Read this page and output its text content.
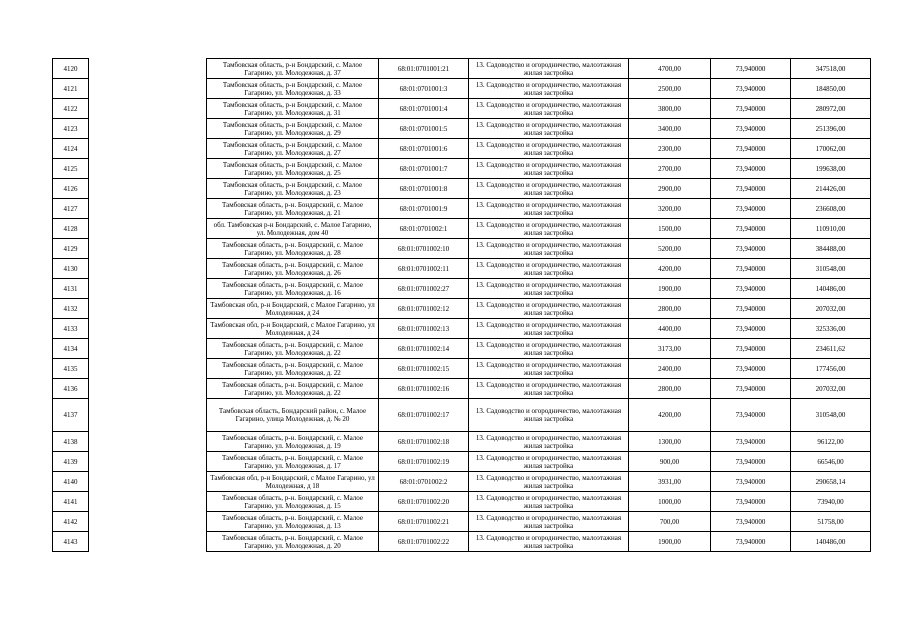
4120		Тамбовская область, р-н Бондарский, с. Малое Гагарино, ул. Молодежная, д. 37	68:01:0701001:21	13. Садоводство и огородничество, малоэтажная жилая застройка	4700,00	73,940000	347518,00
4121		Тамбовская область, р-н Бондарский, с. Малое Гагарино, ул. Молодежная, д. 33	68:01:0701001:3	13. Садоводство и огородничество, малоэтажная жилая застройка	2500,00	73,940000	184850,00
4122		Тамбовская область, р-н Бондарский, с. Малое Гагарино, ул. Молодежная, д. 31	68:01:0701001:4	13. Садоводство и огородничество, малоэтажная жилая застройка	3800,00	73,940000	280972,00
4123		Тамбовская область, р-н Бондарский, с. Малое Гагарино, ул. Молодежная, д. 29	68:01:0701001:5	13. Садоводство и огородничество, малоэтажная жилая застройка	3400,00	73,940000	251396,00
4124		Тамбовская область, р-н Бондарский, с. Малое Гагарино, ул. Молодежная, д. 27	68:01:0701001:6	13. Садоводство и огородничество, малоэтажная жилая застройка	2300,00	73,940000	170062,00
4125		Тамбовская область, р-н Бондарский, с. Малое Гагарино, ул. Молодежная, д. 25	68:01:0701001:7	13. Садоводство и огородничество, малоэтажная жилая застройка	2700,00	73,940000	199638,00
4126		Тамбовская область, р-н Бондарский, с. Малое Гагарино, ул. Молодежная, д. 23	68:01:0701001:8	13. Садоводство и огородничество, малоэтажная жилая застройка	2900,00	73,940000	214426,00
4127		Тамбовская область, р-н. Бондарский, с. Малое Гагарино, ул. Молодежная, д. 21	68:01:0701001:9	13. Садоводство и огородничество, малоэтажная жилая застройка	3200,00	73,940000	236608,00
4128		обл. Тамбовская р-н Бондарский, с. Малое Гагарино, ул. Молодежная, дом 40	68:01:0701002:1	13. Садоводство и огородничество, малоэтажная жилая застройка	1500,00	73,940000	110910,00
4129		Тамбовская область, р-н. Бондарский, с. Малое Гагарино, ул. Молодежная, д. 28	68:01:0701002:10	13. Садоводство и огородничество, малоэтажная жилая застройка	5200,00	73,940000	384488,00
4130		Тамбовская область, р-н. Бондарский, с. Малое Гагарино, ул. Молодежная, д. 26	68:01:0701002:11	13. Садоводство и огородничество, малоэтажная жилая застройка	4200,00	73,940000	310548,00
4131		Тамбовская область, р-н. Бондарский, с. Малое Гагарино, ул. Молодежная, д. 16	68:01:0701002:27	13. Садоводство и огородничество, малоэтажная жилая застройка	1900,00	73,940000	140486,00
4132		Тамбовская обл, р-н Бондарский, с Малое Гагарино, ул Молодежная, д 24	68:01:0701002:12	13. Садоводство и огородничество, малоэтажная жилая застройка	2800,00	73,940000	207032,00
4133		Тамбовская обл, р-н Бондарский, с Малое Гагарино, ул Молодежная, д 24	68:01:0701002:13	13. Садоводство и огородничество, малоэтажная жилая застройка	4400,00	73,940000	325336,00
4134		Тамбовская область, р-н. Бондарский, с. Малое Гагарино, ул. Молодежная, д. 22	68:01:0701002:14	13. Садоводство и огородничество, малоэтажная жилая застройка	3173,00	73,940000	234611,62
4135		Тамбовская область, р-н. Бондарский, с. Малое Гагарино, ул. Молодежная, д. 22	68:01:0701002:15	13. Садоводство и огородничество, малоэтажная жилая застройка	2400,00	73,940000	177456,00
4136		Тамбовская область, р-н. Бондарский, с. Малое Гагарино, ул. Молодежная, д. 22	68:01:0701002:16	13. Садоводство и огородничество, малоэтажная жилая застройка	2800,00	73,940000	207032,00
4137		Тамбовская область, Бондарский район, с. Малое Гагарино, улица Молодежная, д. № 20	68:01:0701002:17	13. Садоводство и огородничество, малоэтажная жилая застройка	4200,00	73,940000	310548,00
4138		Тамбовская область, р-н. Бондарский, с. Малое Гагарино, ул. Молодежная, д. 19	68:01:0701002:18	13. Садоводство и огородничество, малоэтажная жилая застройка	1300,00	73,940000	96122,00
4139		Тамбовская область, р-н. Бондарский, с. Малое Гагарино, ул. Молодежная, д. 17	68:01:0701002:19	13. Садоводство и огородничество, малоэтажная жилая застройка	900,00	73,940000	66546,00
4140		Тамбовская обл, р-н Бондарский, с Малое Гагарино, ул Молодежная, д 18	68:01:0701002:2	13. Садоводство и огородничество, малоэтажная жилая застройка	3931,00	73,940000	290658,14
4141		Тамбовская область, р-н. Бондарский, с. Малое Гагарино, ул. Молодежная, д. 15	68:01:0701002:20	13. Садоводство и огородничество, малоэтажная жилая застройка	1000,00	73,940000	73940,00
4142		Тамбовская область, р-н. Бондарский, с. Малое Гагарино, ул. Молодежная, д. 13	68:01:0701002:21	13. Садоводство и огородничество, малоэтажная жилая застройка	700,00	73,940000	51758,00
4143		Тамбовская область, р-н. Бондарский, с. Малое Гагарино, ул. Молодежная, д. 20	68:01:0701002:22	13. Садоводство и огородничество, малоэтажная жилая застройка	1900,00	73,940000	140486,00
